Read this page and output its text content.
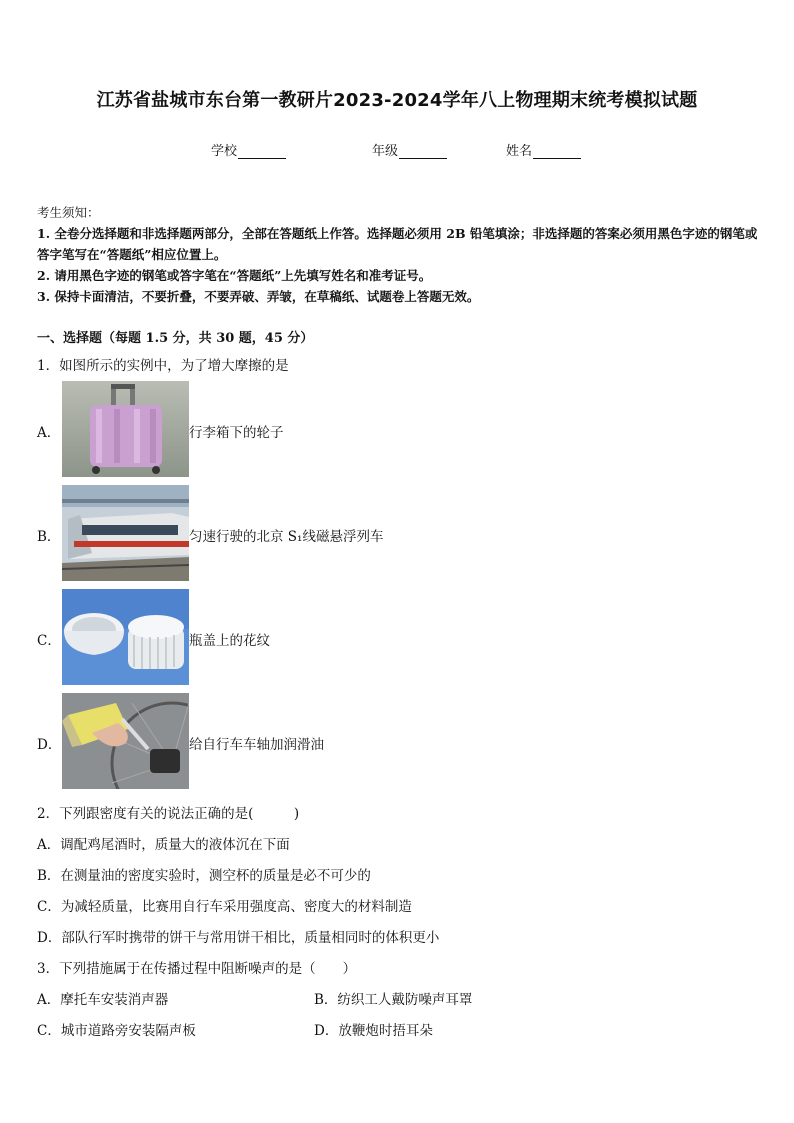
江苏省盐城市东台第一教研片2023-2024学年八上物理期末统考模拟试题
学校	年级	姓名
考生须知：
1. 全卷分选择题和非选择题两部分，全部在答题纸上作答。选择题必须用 2B 铅笔填涂；非选择题的答案必须用黑色字迹的钢笔或答字笔写在“答题纸”相应位置上。
2. 请用黑色字迹的钢笔或答字笔在“答题纸”上先填写姓名和准考证号。
3. 保持卡面清洁，不要折叠，不要弄破、弄皱，在草稿纸、试题卷上答题无效。
一、选择题（每题 1.5 分，共 30 题，45 分）
1．如图所示的实例中，为了增大摩擦的是
A．	行李箱下的轮子
B．	匀速行驶的北京 S₁线磁悬浮列车
C．	瓶盖上的花纹
D．	给自行车车轴加润滑油
2．下列跟密度有关的说法正确的是(　　　)
A．调配鸡尾酒时，质量大的液体沉在下面
B．在测量油的密度实验时，测空杯的质量是必不可少的
C．为减轻质量，比赛用自行车采用强度高、密度大的材料制造
D．部队行军时携带的饼干与常用饼干相比，质量相同时的体积更小
3．下列措施属于在传播过程中阻断噪声的是（　　）
A．摩托车安装消声器	B．纺织工人戴防噪声耳罩
C．城市道路旁安装隔声板	D．放鞭炮时捂耳朵
